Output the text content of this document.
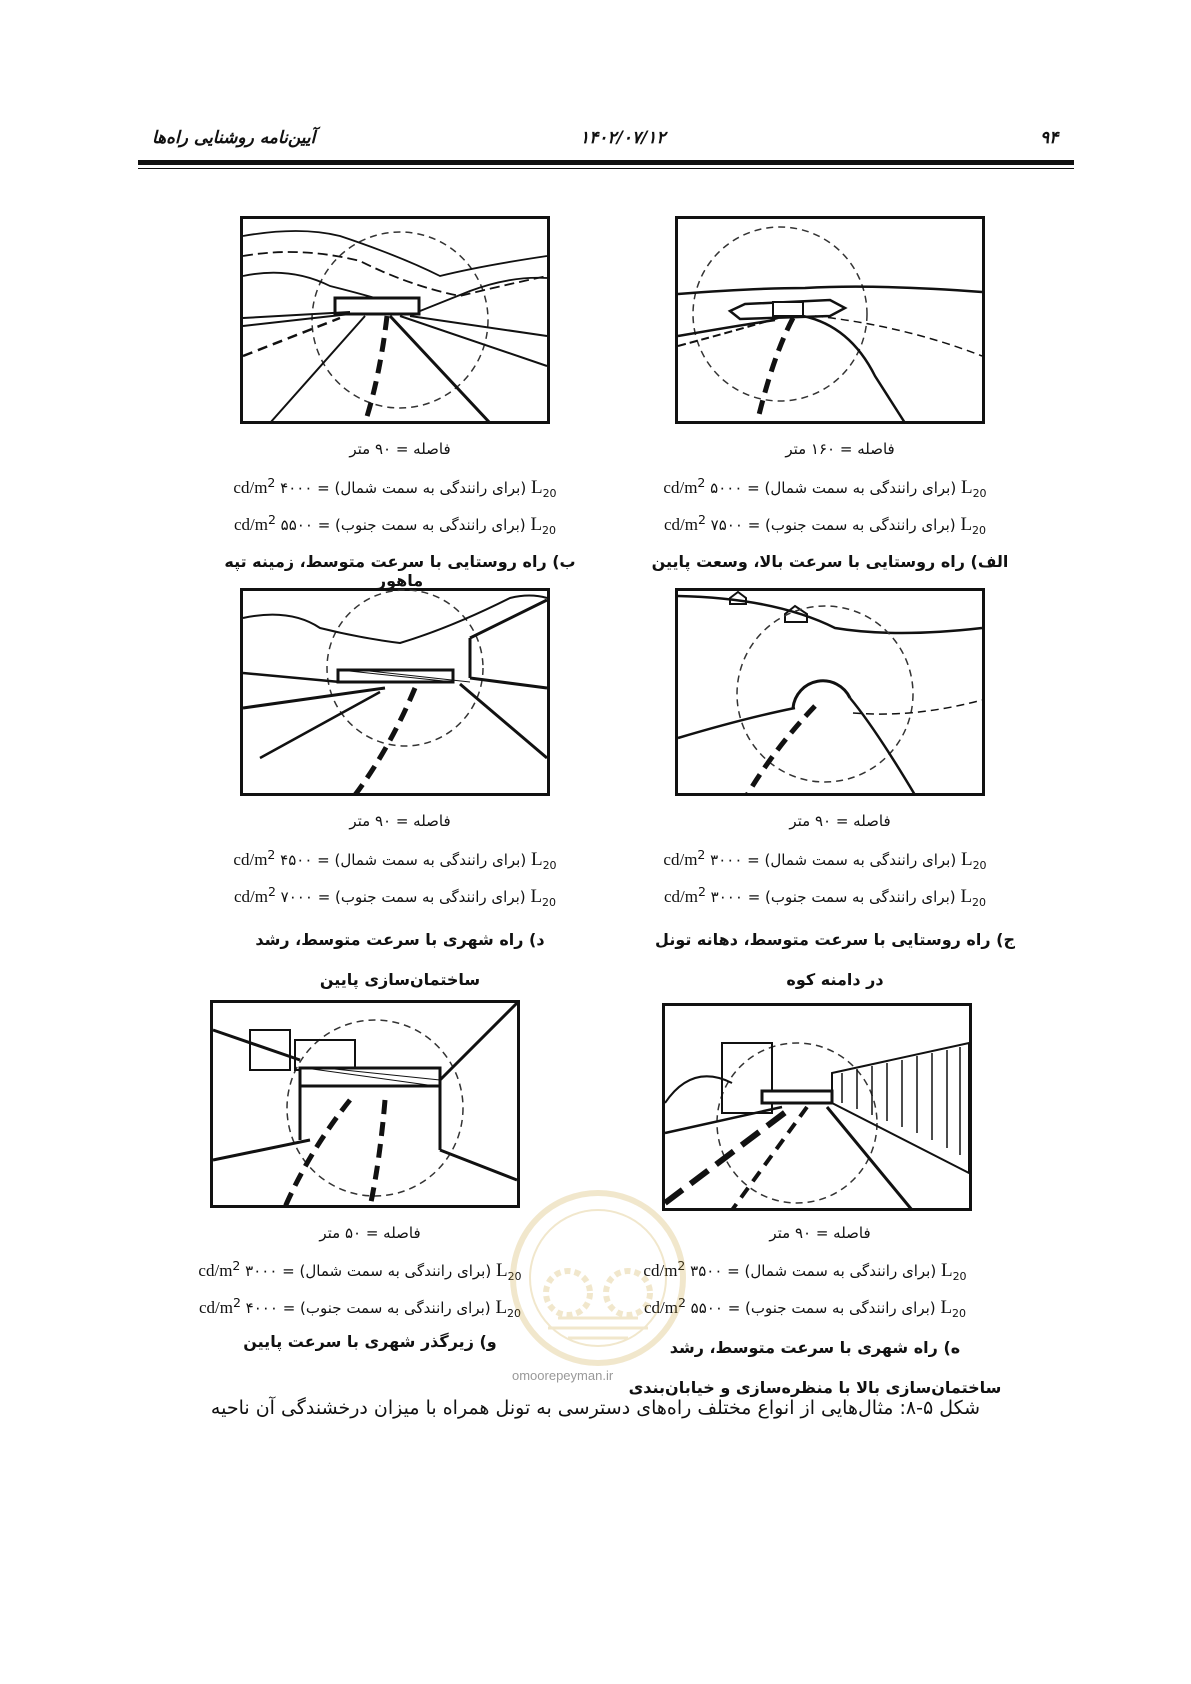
۹۴
۱۴۰۲/۰۷/۱۲
آیین‌نامه روشنایی راه‌ها
فاصله = ۱۶۰ متر
$L_{20}$ (برای رانندگی به سمت شمال) = $cd/m^2$ ۵۰۰۰
$L_{20}$ (برای رانندگی به سمت جنوب) = $cd/m^2$ ۷۵۰۰
الف) راه روستایی با سرعت بالا، وسعت پایین
فاصله = ۹۰ متر
$L_{20}$ (برای رانندگی به سمت شمال) = $cd/m^2$ ۴۰۰۰
$L_{20}$ (برای رانندگی به سمت جنوب) = $cd/m^2$ ۵۵۰۰
ب) راه روستایی با سرعت متوسط، زمینه تپه ماهور
فاصله = ۹۰ متر
$L_{20}$ (برای رانندگی به سمت شمال) = $cd/m^2$ ۳۰۰۰
$L_{20}$ (برای رانندگی به سمت جنوب) = $cd/m^2$ ۳۰۰۰
ج) راه روستایی با سرعت متوسط، دهانه تونل در دامنه کوه
فاصله = ۹۰ متر
$L_{20}$ (برای رانندگی به سمت شمال) = $cd/m^2$ ۴۵۰۰
$L_{20}$ (برای رانندگی به سمت جنوب) = $cd/m^2$ ۷۰۰۰
د) راه شهری با سرعت متوسط، رشد ساختمان‌سازی پایین
فاصله = ۹۰ متر
$L_{20}$ (برای رانندگی به سمت شمال) = $cd/m^2$ ۳۵۰۰
$L_{20}$ (برای رانندگی به سمت جنوب) = $cd/m^2$ ۵۵۰۰
ه) راه شهری با سرعت متوسط، رشد ساختمان‌سازی بالا با منظره‌سازی و خیابان‌بندی
فاصله = ۵۰ متر
$L_{20}$ (برای رانندگی به سمت شمال) = $cd/m^2$ ۳۰۰۰
$L_{20}$ (برای رانندگی به سمت جنوب) = $cd/m^2$ ۴۰۰۰
و) زیرگذر شهری با سرعت پایین
omoorepeyman.ir
شکل ۵-۸: مثال‌هایی از انواع مختلف راه‌های دسترسی به تونل همراه با میزان درخشندگی آن ناحیه
